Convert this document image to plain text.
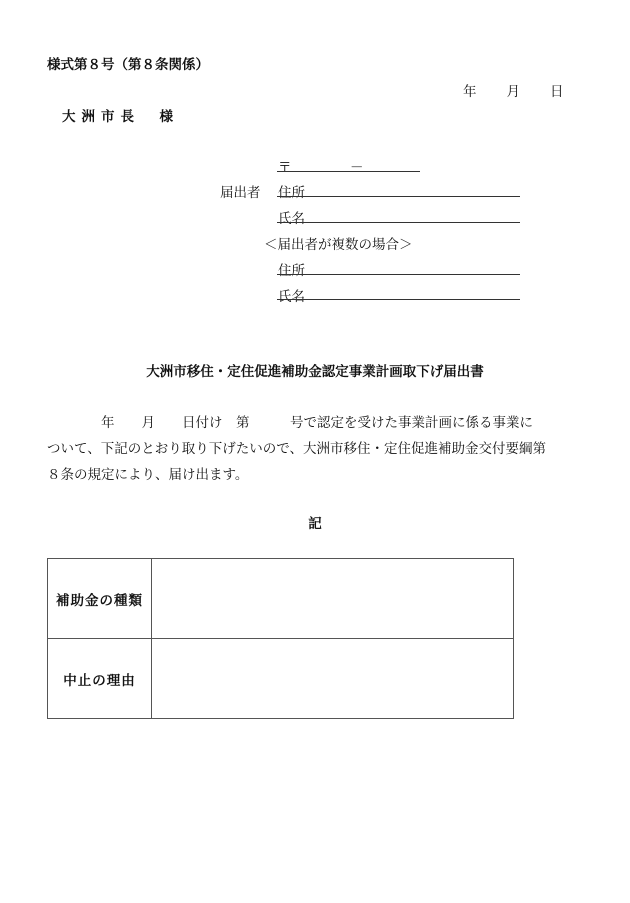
様式第８号（第８条関係）
年 月 日
大洲市長　様
〒	－
届出者 住所
氏名
＜届出者が複数の場合＞
住所
氏名
大洲市移住・定住促進補助金認定事業計画取下げ届出書
　　　　年　　月　　日付け　第　　　号で認定を受けた事業計画に係る事業に
ついて、下記のとおり取り下げたいので、大洲市移住・定住促進補助金交付要綱第
８条の規定により、届け出ます。
記
補助金の種類	
中止の理由	
